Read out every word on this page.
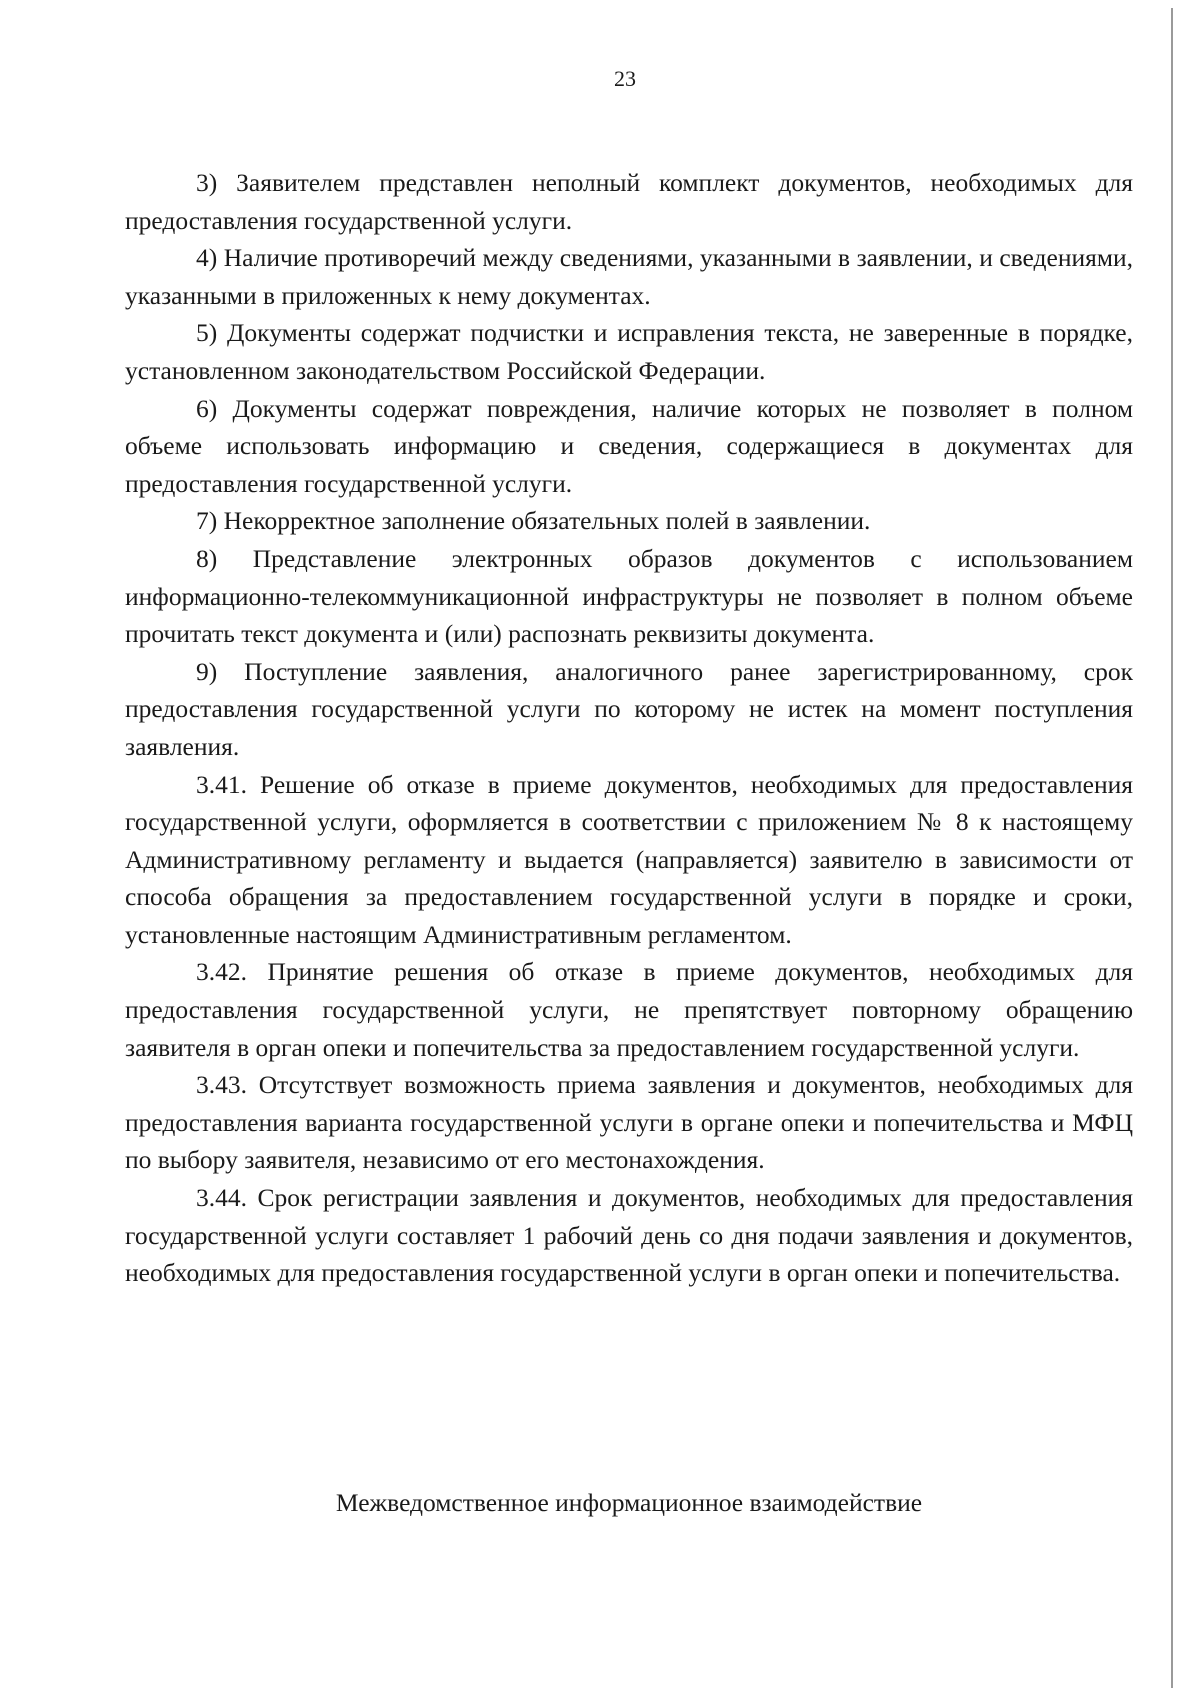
23

3) Заявителем представлен неполный комплект документов, необходимых для предоставления государственной услуги.

4) Наличие противоречий между сведениями, указанными в заявлении, и сведениями, указанными в приложенных к нему документах.

5) Документы содержат подчистки и исправления текста, не заверенные в порядке, установленном законодательством Российской Федерации.

6) Документы содержат повреждения, наличие которых не позволяет в полном объеме использовать информацию и сведения, содержащиеся в документах для предоставления государственной услуги.

7) Некорректное заполнение обязательных полей в заявлении.

8) Представление электронных образов документов с использованием информационно-телекоммуникационной инфраструктуры не позволяет в полном объеме прочитать текст документа и (или) распознать реквизиты документа.

9) Поступление заявления, аналогичного ранее зарегистрированному, срок предоставления государственной услуги по которому не истек на момент поступления заявления.

3.41. Решение об отказе в приеме документов, необходимых для предоставления государственной услуги, оформляется в соответствии с приложением № 8 к настоящему Административному регламенту и выдается (направляется) заявителю в зависимости от способа обращения за предоставлением государственной услуги в порядке и сроки, установленные настоящим Административным регламентом.

3.42. Принятие решения об отказе в приеме документов, необходимых для предоставления государственной услуги, не препятствует повторному обращению заявителя в орган опеки и попечительства за предоставлением государственной услуги.

3.43. Отсутствует возможность приема заявления и документов, необходимых для предоставления варианта государственной услуги в органе опеки и попечительства и МФЦ по выбору заявителя, независимо от его местонахождения.

3.44. Срок регистрации заявления и документов, необходимых для предоставления государственной услуги составляет 1 рабочий день со дня подачи заявления и документов, необходимых для предоставления государственной услуги в орган опеки и попечительства.

Межведомственное информационное взаимодействие
